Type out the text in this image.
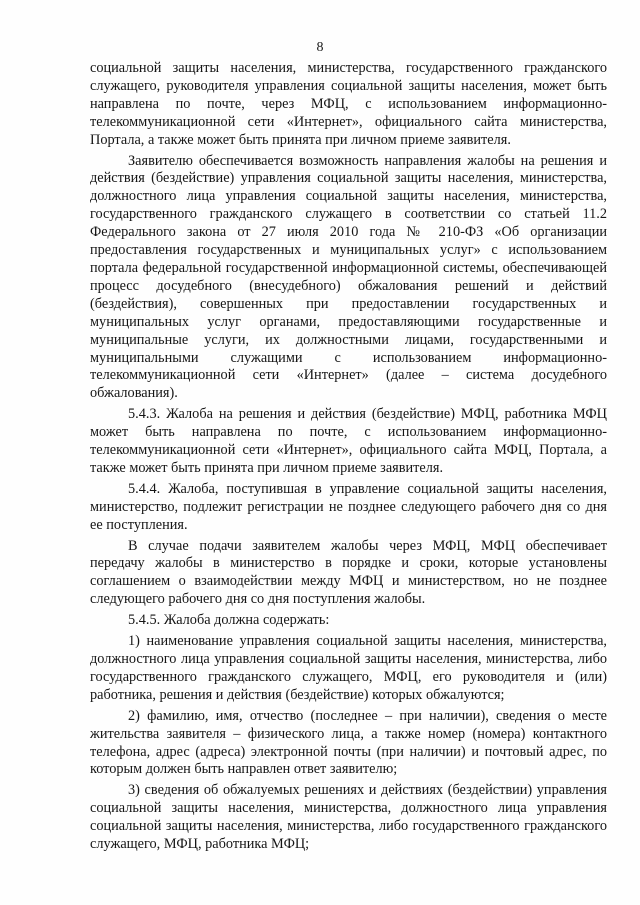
8

социальной защиты населения, министерства, государственного гражданского служащего, руководителя управления социальной защиты населения, может быть направлена по почте, через МФЦ, с использованием информационно-телекоммуникационной сети «Интернет», официального сайта министерства, Портала, а также может быть принята при личном приеме заявителя.

Заявителю обеспечивается возможность направления жалобы на решения и действия (бездействие) управления социальной защиты населения, министерства, должностного лица управления социальной защиты населения, министерства, государственного гражданского служащего в соответствии со статьей 11.2 Федерального закона от 27 июля 2010 года № 210-ФЗ «Об организации предоставления государственных и муниципальных услуг» с использованием портала федеральной государственной информационной системы, обеспечивающей процесс досудебного (внесудебного) обжалования решений и действий (бездействия), совершенных при предоставлении государственных и муниципальных услуг органами, предоставляющими государственные и муниципальные услуги, их должностными лицами, государственными и муниципальными служащими с использованием информационно-телекоммуникационной сети «Интернет» (далее – система досудебного обжалования).

5.4.3. Жалоба на решения и действия (бездействие) МФЦ, работника МФЦ может быть направлена по почте, с использованием информационно-телекоммуникационной сети «Интернет», официального сайта МФЦ, Портала, а также может быть принята при личном приеме заявителя.

5.4.4. Жалоба, поступившая в управление социальной защиты населения, министерство, подлежит регистрации не позднее следующего рабочего дня со дня ее поступления.

В случае подачи заявителем жалобы через МФЦ, МФЦ обеспечивает передачу жалобы в министерство в порядке и сроки, которые установлены соглашением о взаимодействии между МФЦ и министерством, но не позднее следующего рабочего дня со дня поступления жалобы.

5.4.5. Жалоба должна содержать:

1) наименование управления социальной защиты населения, министерства, должностного лица управления социальной защиты населения, министерства, либо государственного гражданского служащего, МФЦ, его руководителя и (или) работника, решения и действия (бездействие) которых обжалуются;

2) фамилию, имя, отчество (последнее – при наличии), сведения о месте жительства заявителя – физического лица, а также номер (номера) контактного телефона, адрес (адреса) электронной почты (при наличии) и почтовый адрес, по которым должен быть направлен ответ заявителю;

3) сведения об обжалуемых решениях и действиях (бездействии) управления социальной защиты населения, министерства, должностного лица управления социальной защиты населения, министерства, либо государственного гражданского служащего, МФЦ, работника МФЦ;
